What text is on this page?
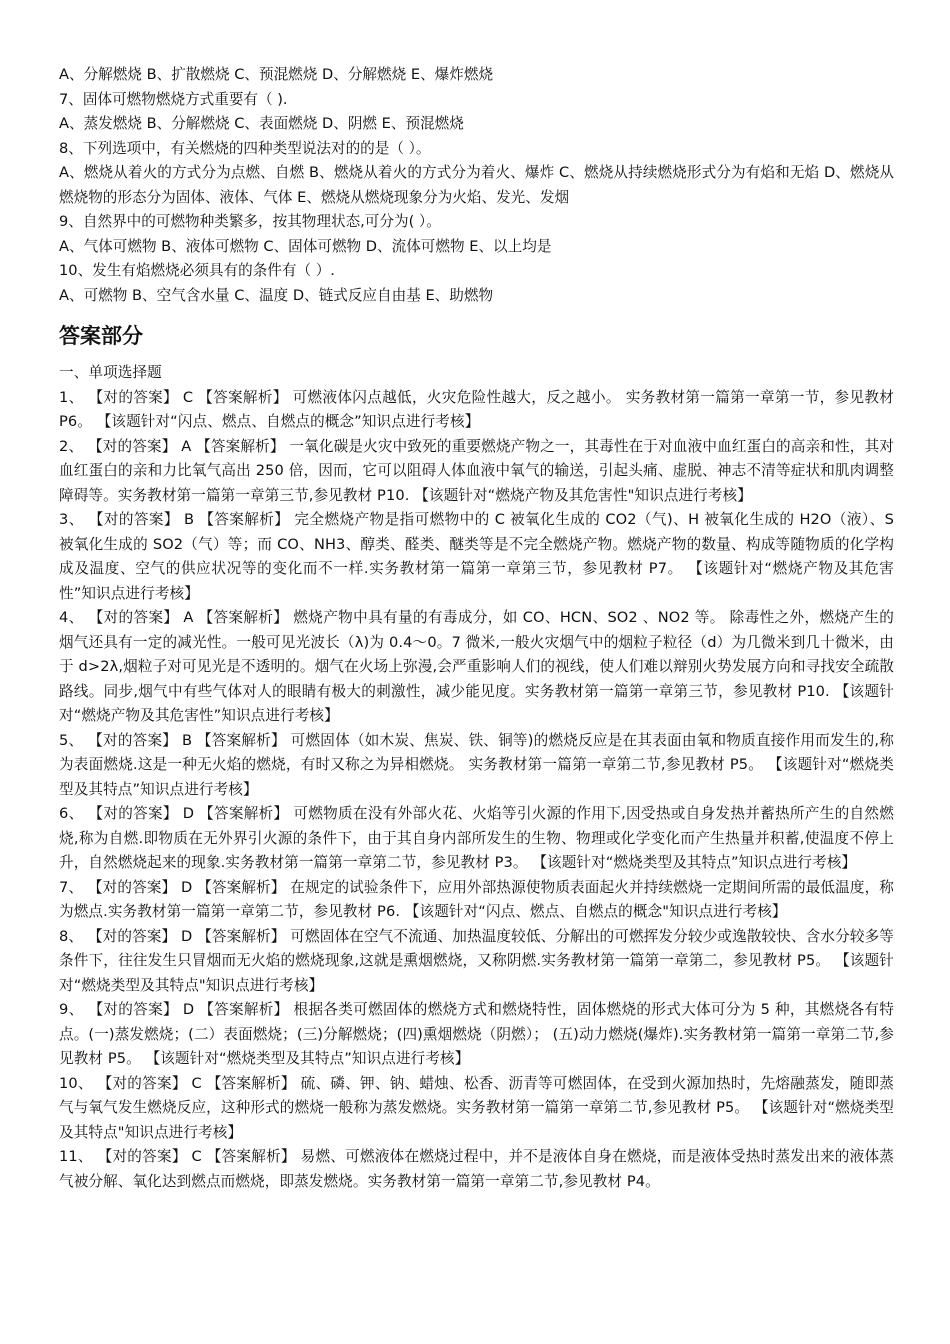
A、分解燃烧 B、扩散燃烧 C、预混燃烧 D、分解燃烧 E、爆炸燃烧

7、固体可燃物燃烧方式重要有（ ).

A、蒸发燃烧 B、分解燃烧 C、表面燃烧 D、阴燃 E、预混燃烧

8、下列选项中，有关燃烧的四种类型说法对的的是（ ）。

A、燃烧从着火的方式分为点燃、自燃 B、燃烧从着火的方式分为着火、爆炸 C、燃烧从持续燃烧形式分为有焰和无焰 D、燃烧从燃烧物的形态分为固体、液体、气体 E、燃烧从燃烧现象分为火焰、发光、发烟

9、自然界中的可燃物种类繁多，按其物理状态,可分为( ）。

A、气体可燃物 B、液体可燃物 C、固体可燃物 D、流体可燃物 E、以上均是

10、发生有焰燃烧必须具有的条件有（ ）.

A、可燃物 B、空气含水量 C、温度 D、链式反应自由基 E、助燃物

答案部分

一、单项选择题

1、 【对的答案】 C 【答案解析】 可燃液体闪点越低，火灾危险性越大，反之越小。 实务教材第一篇第一章第一节，参见教材 P6。 【该题针对“闪点、燃点、自燃点的概念”知识点进行考核】

2、 【对的答案】 A 【答案解析】 一氧化碳是火灾中致死的重要燃烧产物之一，其毒性在于对血液中血红蛋白的高亲和性，其对血红蛋白的亲和力比氧气高出 250 倍，因而，它可以阻碍人体血液中氧气的输送，引起头痛、虚脱、神志不清等症状和肌肉调整障碍等。实务教材第一篇第一章第三节,参见教材 P10. 【该题针对“燃烧产物及其危害性"知识点进行考核】

3、 【对的答案】 B 【答案解析】 完全燃烧产物是指可燃物中的 C 被氧化生成的 CO2（气)、H 被氧化生成的 H2O（液）、S 被氧化生成的 SO2（气）等；而 CO、NH3、醇类、醛类、醚类等是不完全燃烧产物。燃烧产物的数量、构成等随物质的化学构成及温度、空气的供应状况等的变化而不一样.实务教材第一篇第一章第三节，参见教材 P7。 【该题针对“燃烧产物及其危害性”知识点进行考核】

4、 【对的答案】 A 【答案解析】 燃烧产物中具有量的有毒成分，如 CO、HCN、SO2 、NO2 等。 除毒性之外，燃烧产生的烟气还具有一定的减光性。一般可见光波长（λ)为 0.4～0。7 微米,一般火灾烟气中的烟粒子粒径（d）为几微米到几十微米，由于 d>2λ,烟粒子对可见光是不透明的。烟气在火场上弥漫,会严重影响人们的视线，使人们难以辩别火势发展方向和寻找安全疏散路线。同步,烟气中有些气体对人的眼睛有极大的刺激性，减少能见度。实务教材第一篇第一章第三节，参见教材 P10. 【该题针对“燃烧产物及其危害性”知识点进行考核】

5、 【对的答案】 B 【答案解析】 可燃固体（如木炭、焦炭、铁、铜等)的燃烧反应是在其表面由氧和物质直接作用而发生的,称为表面燃烧.这是一种无火焰的燃烧，有时又称之为异相燃烧。 实务教材第一篇第一章第二节,参见教材 P5。 【该题针对“燃烧类型及其特点”知识点进行考核】

6、 【对的答案】 D 【答案解析】 可燃物质在没有外部火花、火焰等引火源的作用下,因受热或自身发热并蓄热所产生的自然燃烧,称为自燃.即物质在无外界引火源的条件下，由于其自身内部所发生的生物、物理或化学变化而产生热量并积蓄,使温度不停上升，自然燃烧起来的现象.实务教材第一篇第一章第二节，参见教材 P3。 【该题针对“燃烧类型及其特点”知识点进行考核】

7、 【对的答案】 D 【答案解析】 在规定的试验条件下，应用外部热源使物质表面起火并持续燃烧一定期间所需的最低温度，称为燃点.实务教材第一篇第一章第二节，参见教材 P6. 【该题针对“闪点、燃点、自燃点的概念"知识点进行考核】

8、 【对的答案】 D 【答案解析】 可燃固体在空气不流通、加热温度较低、分解出的可燃挥发分较少或逸散较快、含水分较多等条件下，往往发生只冒烟而无火焰的燃烧现象,这就是熏烟燃烧，又称阴燃.实务教材第一篇第一章第二，参见教材 P5。 【该题针对“燃烧类型及其特点"知识点进行考核】

9、 【对的答案】 D 【答案解析】 根据各类可燃固体的燃烧方式和燃烧特性，固体燃烧的形式大体可分为 5 种，其燃烧各有特点。(一)蒸发燃烧；(二）表面燃烧；(三)分解燃烧；(四)熏烟燃烧（阴燃）； (五)动力燃烧(爆炸).实务教材第一篇第一章第二节,参见教材 P5。 【该题针对“燃烧类型及其特点”知识点进行考核】

10、 【对的答案】 C 【答案解析】 硫、磷、钾、钠、蜡烛、松香、沥青等可燃固体，在受到火源加热时，先熔融蒸发，随即蒸气与氧气发生燃烧反应，这种形式的燃烧一般称为蒸发燃烧。实务教材第一篇第一章第二节,参见教材 P5。 【该题针对“燃烧类型及其特点"知识点进行考核】

11、 【对的答案】 C 【答案解析】 易燃、可燃液体在燃烧过程中，并不是液体自身在燃烧，而是液体受热时蒸发出来的液体蒸气被分解、氧化达到燃点而燃烧，即蒸发燃烧。实务教材第一篇第一章第二节,参见教材 P4。
